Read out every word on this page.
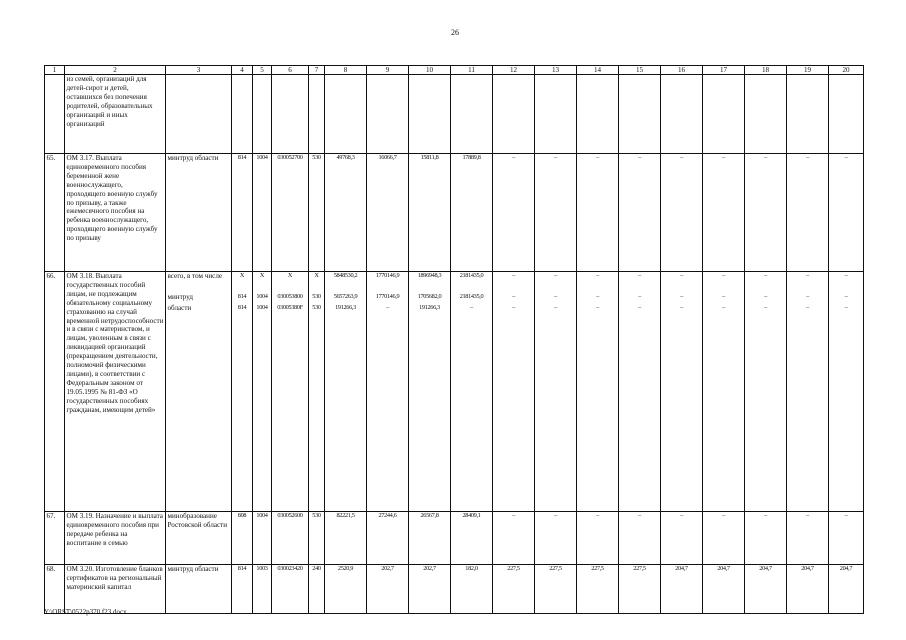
26
1	2	3	4	5	6	7	8	9	10	11	12	13	14	15	16	17	18	19	20
	из семей, организаций для детей-сирот и детей, оставшихся без попечения родителей, образовательных организаций и иных организаций																		
65.	ОМ 3.17. Выплата единовременного пособия беременной жене военнослужащего, проходящего военную службу по призыву, а также ежемесячного пособия на ребенка военнослужащего, проходящего военную службу по призыву	минтруд области	814	1004	030052700	530	49768,3	16066,7	15811,8	17889,8	–	–	–	–	–	–	–	–	–
66.	ОМ 3.18. Выплата государственных пособий лицам, не подлежащим обязательному социальному страхованию на случай временной нетрудоспособности и в связи с материнством, и лицам, уволенным в связи с ликвидацией организаций (прекращением деятельности, полномочий физическими лицами), в соответствии с Федеральным законом от 19.05.1995 № 81-ФЗ «О государственных пособиях гражданам, имеющим детей»	всего, в том числе	Х	Х	Х	Х	5848530,2	1770146,9	1896948,3	2181435,0	–	–	–	–	–	–	–	–	–
		минтруд	814	1004	030053800	530	5657263,9	1770146,9	1705682,0	2181435,0	–	–	–	–	–	–	–	–	–
		области	814	1004	03005380F	530	191266,3	–	191266,3	–	–	–	–	–	–	–	–	–	–
67.	ОМ 3.19. Назначение и выплата единовременного пособия при передаче ребенка на воспитание в семью	минобразование Ростовской области	808	1004	030052600	530	82221,5	27244,6	26567,8	28409,1	–	–	–	–	–	–	–	–	–
68.	ОМ 3.20. Изготовление бланков сертификатов на региональный материнский капитал	минтруд области	814	1003	030023420	240	2520,9	202,7	202,7	182,0	227,5	227,5	227,5	227,5	204,7	204,7	204,7	204,7	204,7
Y:\ORST\0522p370.f23.docx
